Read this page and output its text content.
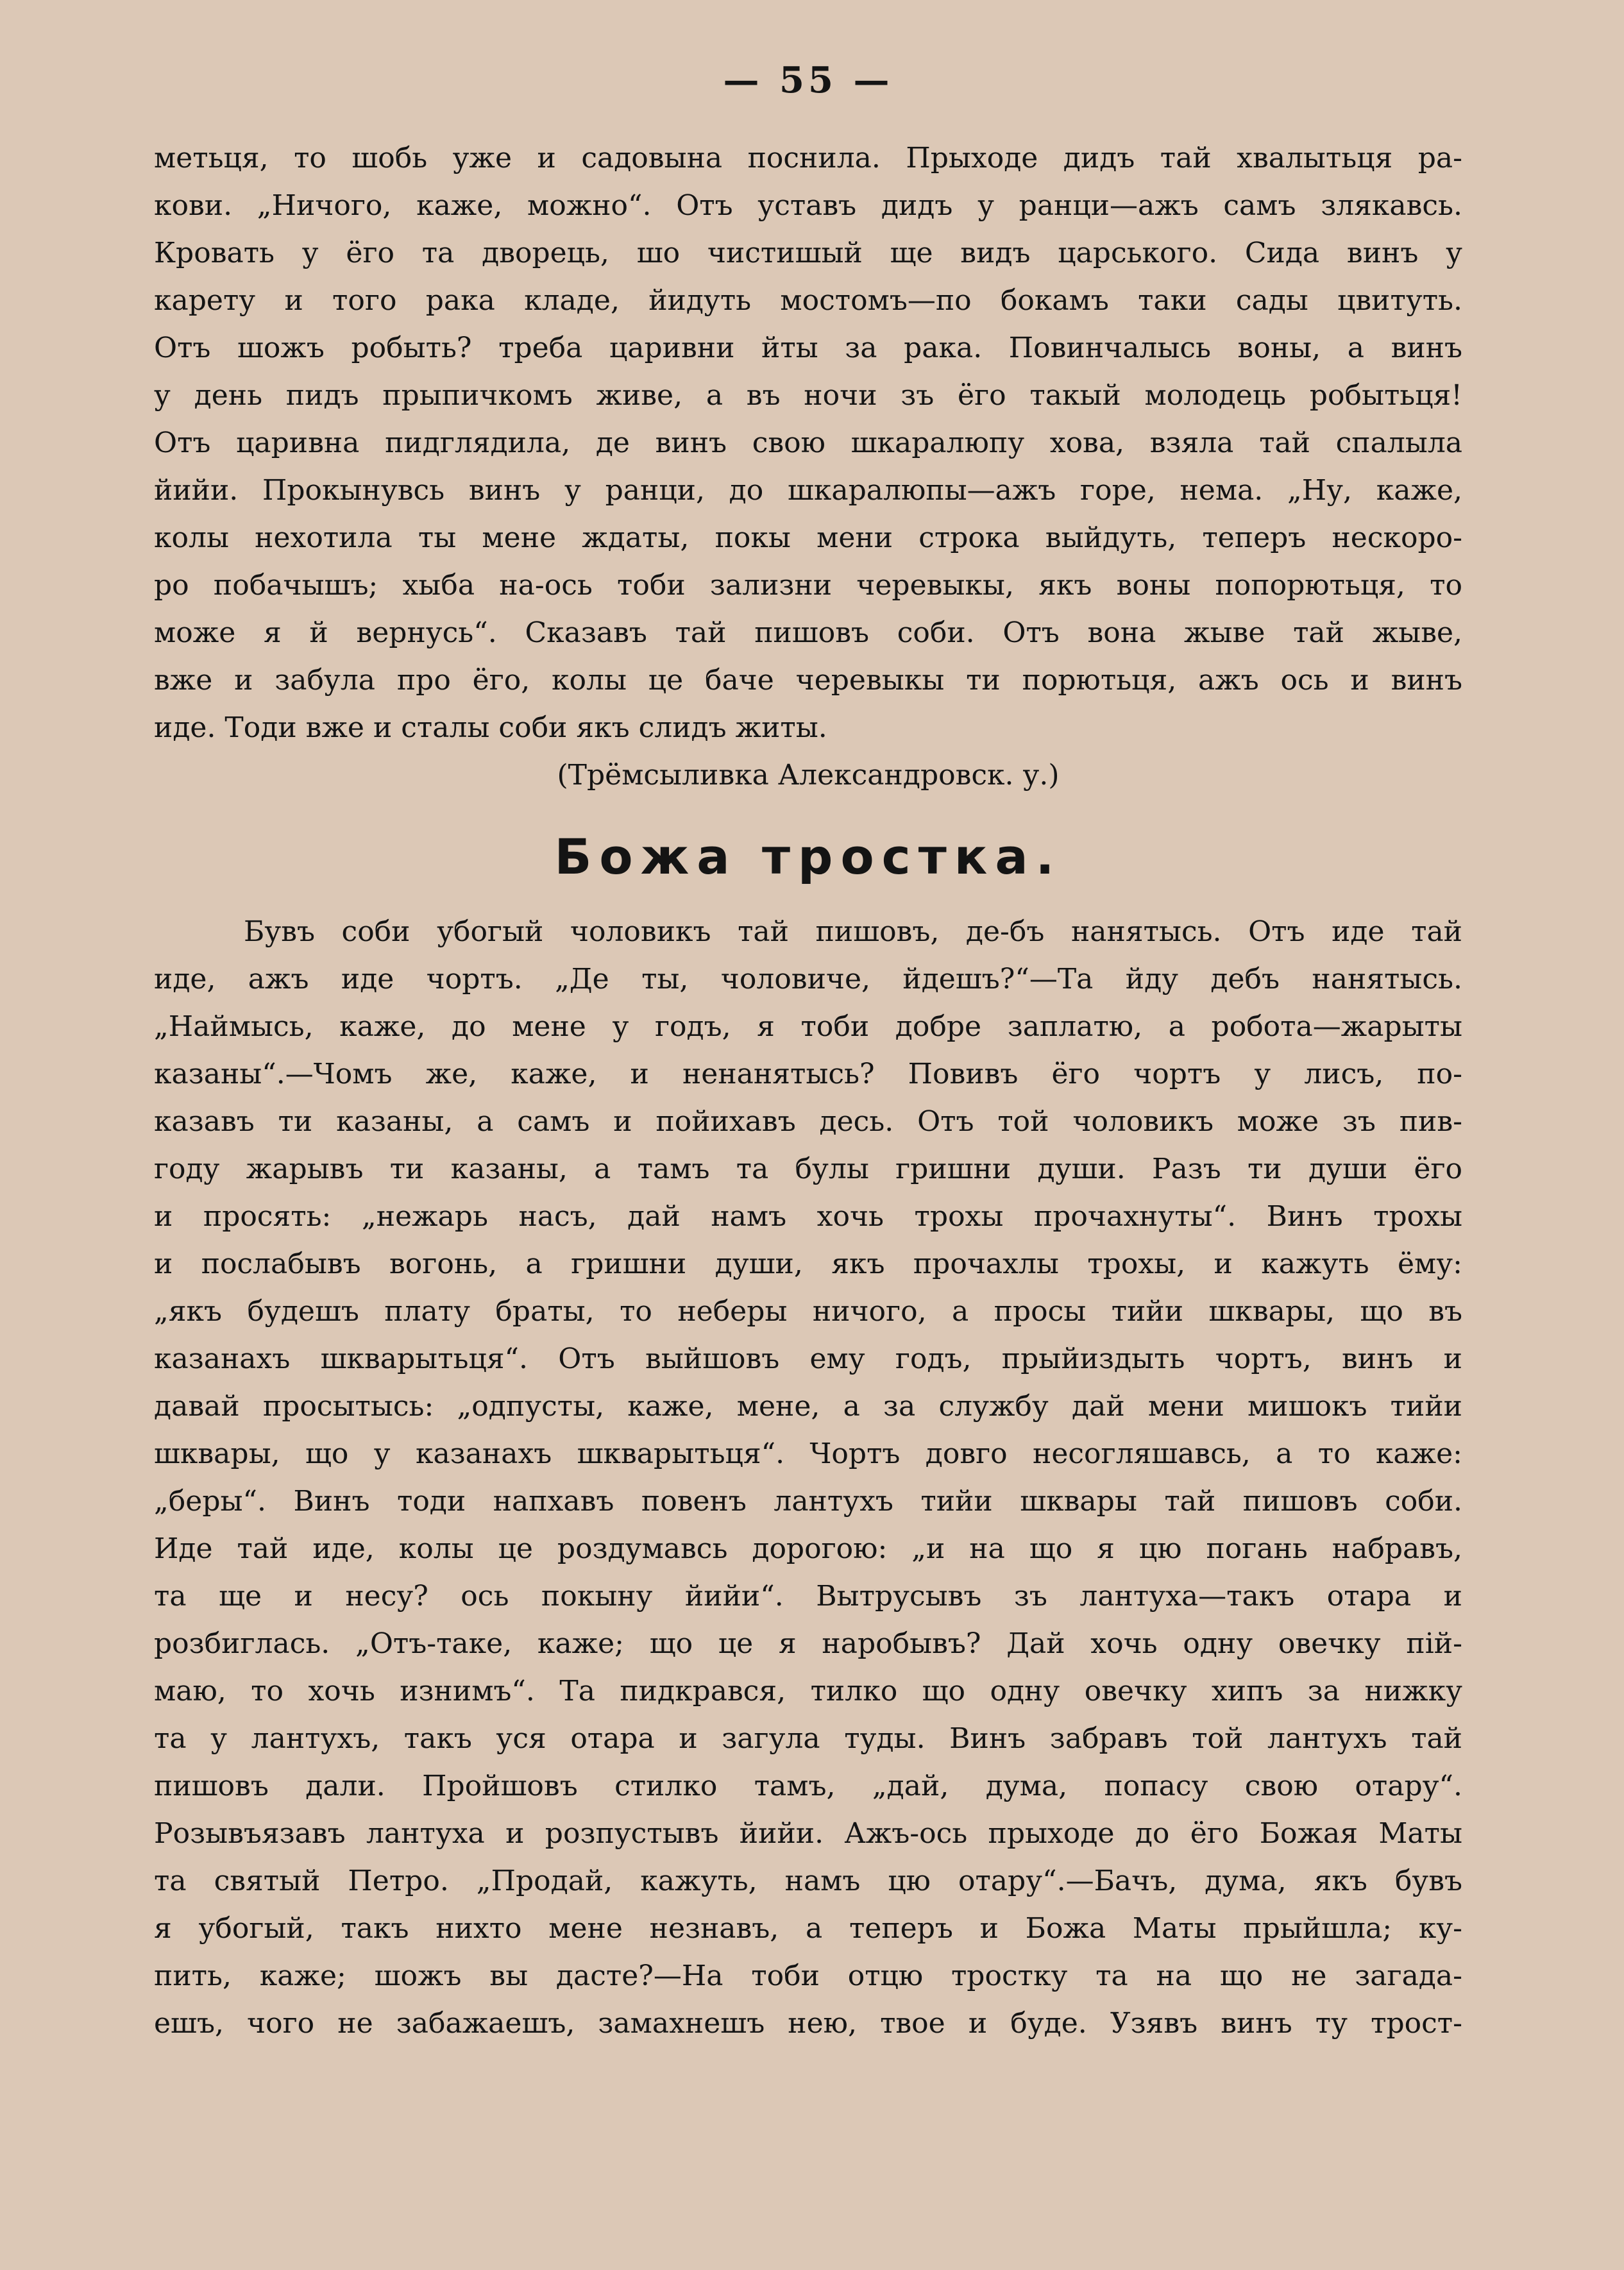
— 55 —
метьця, то шобь уже и садовына поснила. Прыходе дидъ тай хвалытьця ра-
кови. „Ничого, каже, можно“. Отъ уставъ дидъ у ранци—ажъ самъ злякавсь.
Кровать у ёго та дворець, шо чистишый ще видъ царського. Сида винъ у
карету и того рака кладе, йидуть мостомъ—по бокамъ таки сады цвитуть.
Отъ шожъ робыть? треба царивни йты за рака. Повинчалысь воны, а винъ
у день пидъ прыпичкомъ живе, а въ ночи зъ ёго такый молодець робытьця!
Отъ царивна пидглядила, де винъ свою шкаралюпу хова, взяла тай спалыла
йийи. Прокынувсь винъ у ранци, до шкаралюпы—ажъ горе, нема. „Ну, каже,
колы нехотила ты мене ждаты, покы мени строка выйдуть, теперъ нескоро-
ро побачышъ; хыба на-ось тоби зализни черевыкы, якъ воны попорютьця, то
може я й вернусь“. Сказавъ тай пишовъ соби. Отъ вона жыве тай жыве,
вже и забула про ёго, колы це баче черевыкы ти порютьця, ажъ ось и винъ
иде. Тоди вже и сталы соби якъ слидъ житы.
(Трёмсыливка Александровск. у.)
Божа тростка.
Бувъ соби убогый чоловикъ тай пишовъ, де-бъ нанятысь. Отъ иде тай
иде, ажъ иде чортъ. „Де ты, чоловиче, йдешъ?“—Та йду дебъ нанятысь.
„Наймысь, каже, до мене у годъ, я тоби добре заплатю, а робота—жарыты
казаны“.—Чомъ же, каже, и ненанятысь? Повивъ ёго чортъ у лисъ, по-
казавъ ти казаны, а самъ и пойихавъ десь. Отъ той чоловикъ може зъ пив-
году жарывъ ти казаны, а тамъ та булы гришни души. Разъ ти души ёго
и просять: „нежарь насъ, дай намъ хочь трохы прочахнуты“. Винъ трохы
и послабывъ вогонь, а гришни души, якъ прочахлы трохы, и кажуть ёму:
„якъ будешъ плату браты, то неберы ничого, а просы тийи шквары, що въ
казанахъ шкварытьця“. Отъ выйшовъ ему годъ, прыйиздыть чортъ, винъ и
давай просытысь: „одпусты, каже, мене, а за службу дай мени мишокъ тийи
шквары, що у казанахъ шкварытьця“. Чортъ довго несогляшавсь, а то каже:
„беры“. Винъ тоди напхавъ повенъ лантухъ тийи шквары тай пишовъ соби.
Иде тай иде, колы це роздумавсь дорогою: „и на що я цю погань набравъ,
та ще и несу? ось покыну йийи“. Вытрусывъ зъ лантуха—такъ отара и
розбиглась. „Отъ-таке, каже; що це я наробывъ? Дай хочь одну овечку пій-
маю, то хочь изнимъ“. Та пидкрався, тилко що одну овечку хипъ за нижку
та у лантухъ, такъ уся отара и загула туды. Винъ забравъ той лантухъ тай
пишовъ дали. Пройшовъ стилко тамъ, „дай, дума, попасу свою отару“.
Розывъязавъ лантуха и розпустывъ йийи. Ажъ-ось прыходе до ёго Божая Маты
та святый Петро. „Продай, кажуть, намъ цю отару“.—Бачъ, дума, якъ бувъ
я убогый, такъ нихто мене незнавъ, а теперъ и Божа Маты прыйшла; ку-
пить, каже; шожъ вы дасте?—На тоби отцю тростку та на що не загада-
ешъ, чого не забажаешъ, замахнешъ нею, твое и буде. Узявъ винъ ту трост-
